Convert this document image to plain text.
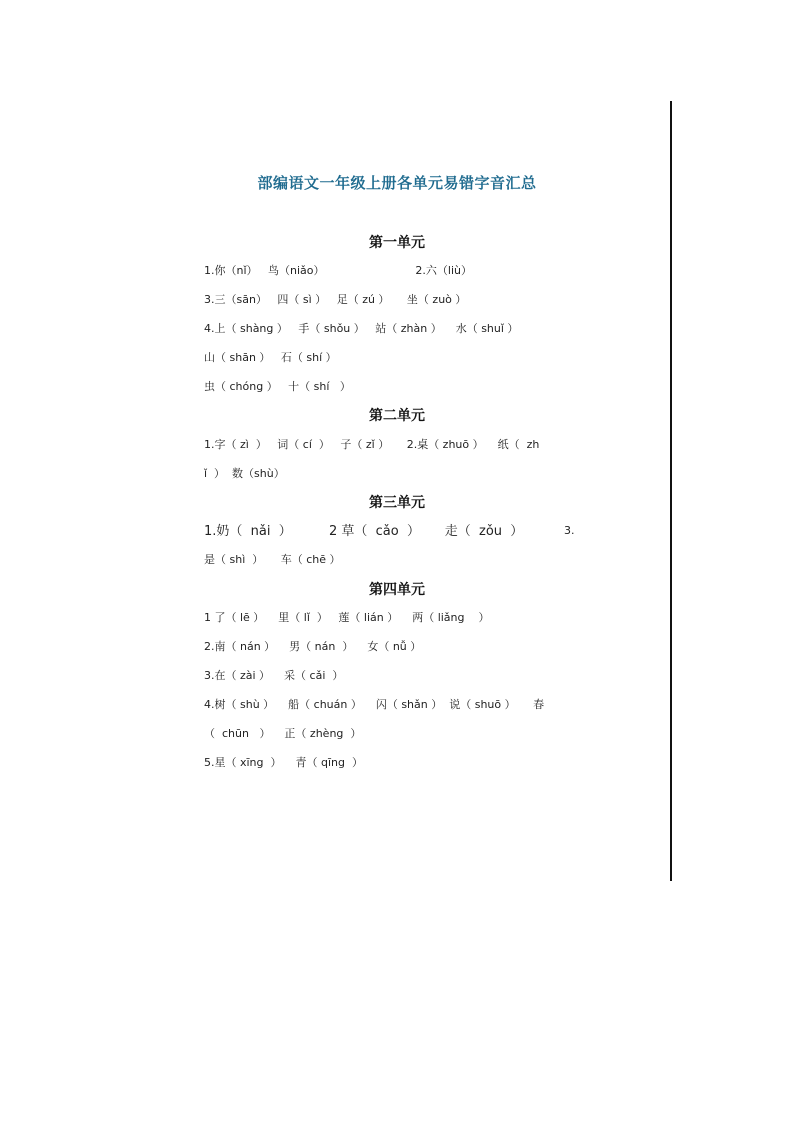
部编语文一年级上册各单元易错字音汇总
第一单元
1.你（nǐ）   鸟（niǎo）                          2.六（liù）
3.三（sān）   四（ sì ）   足（ zú ）     坐（ zuò ）
4.上（ shàng ）   手（ shǒu ）   站（ zhàn ）    水（ shuǐ ）
山（ shān ）   石（ shí ）
虫（ chóng ）   十（ shí   ）
第二单元
1.字（ zì  ）   词（ cí  ）   子（ zǐ ）     2.桌（ zhuō ）    纸（  zh
ǐ  ）  数（shù）
第三单元
1.奶（  nǎi  ）         2 草（  cǎo  ）      走（  zǒu  ）	3.
是（ shì  ）     车（ chē ）
第四单元
1 了（ lē ）    里（ lǐ  ）   莲（ lián ）    两（ liǎng    ）
2.南（ nán ）    男（ nán  ）    女（ nǚ ）
3.在（ zài ）    采（ cǎi  ）
4.树（ shù ）    船（ chuán ）    闪（ shǎn ）  说（ shuō ）     春
（  chūn   ）    正（ zhèng  ）
5.星（ xīng  ）    青（ qīng  ）
